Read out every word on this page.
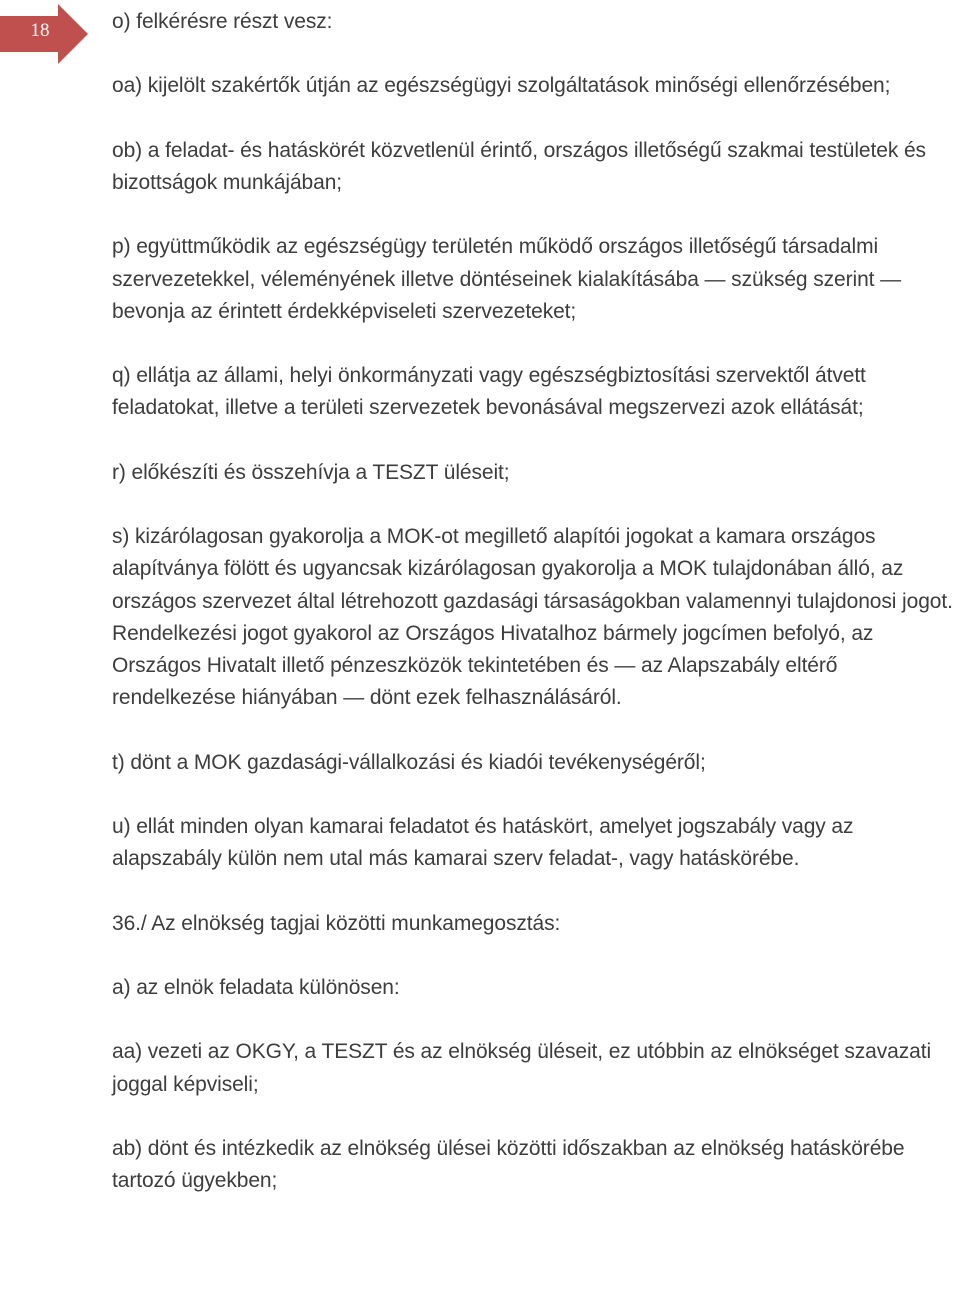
18	o) felkérésre részt vesz:

oa) kijelölt szakértők útján az egészségügyi szolgáltatások minőségi ellenőrzésében;

ob) a feladat- és hatáskörét közvetlenül érintő, országos illetőségű szakmai testületek és bizottságok munkájában;

p) együttműködik az egészségügy területén működő országos illetőségű társadalmi szervezetekkel, véleményének illetve döntéseinek kialakításába — szükség szerint — bevonja az érintett érdekképviseleti szervezeteket;

q) ellátja az állami, helyi önkormányzati vagy egészségbiztosítási szervektől átvett feladatokat, illetve a területi szervezetek bevonásával megszervezi azok ellátását;

r) előkészíti és összehívja a TESZT üléseit;

s) kizárólagosan gyakorolja a MOK-ot megillető alapítói jogokat a kamara országos alapítványa fölött és ugyancsak kizárólagosan gyakorolja a MOK tulajdonában álló, az országos szervezet által létrehozott gazdasági társaságokban valamennyi tulajdonosi jogot. Rendelkezési jogot gyakorol az Országos Hivatalhoz bármely jogcímen befolyó, az Országos Hivatalt illető pénzeszközök tekintetében és — az Alapszabály eltérő rendelkezése hiányában — dönt ezek felhasználásáról.

t) dönt a MOK gazdasági-vállalkozási és kiadói tevékenységéről;

u) ellát minden olyan kamarai feladatot és hatáskört, amelyet jogszabály vagy az alapszabály külön nem utal más kamarai szerv feladat-, vagy hatáskörébe.

36./ Az elnökség tagjai közötti munkamegosztás:

a) az elnök feladata különösen:

aa) vezeti az OKGY, a TESZT és az elnökség üléseit, ez utóbbin az elnökséget szavazati joggal képviseli;

ab) dönt és intézkedik az elnökség ülései közötti időszakban az elnökség hatáskörébe tartozó ügyekben;
